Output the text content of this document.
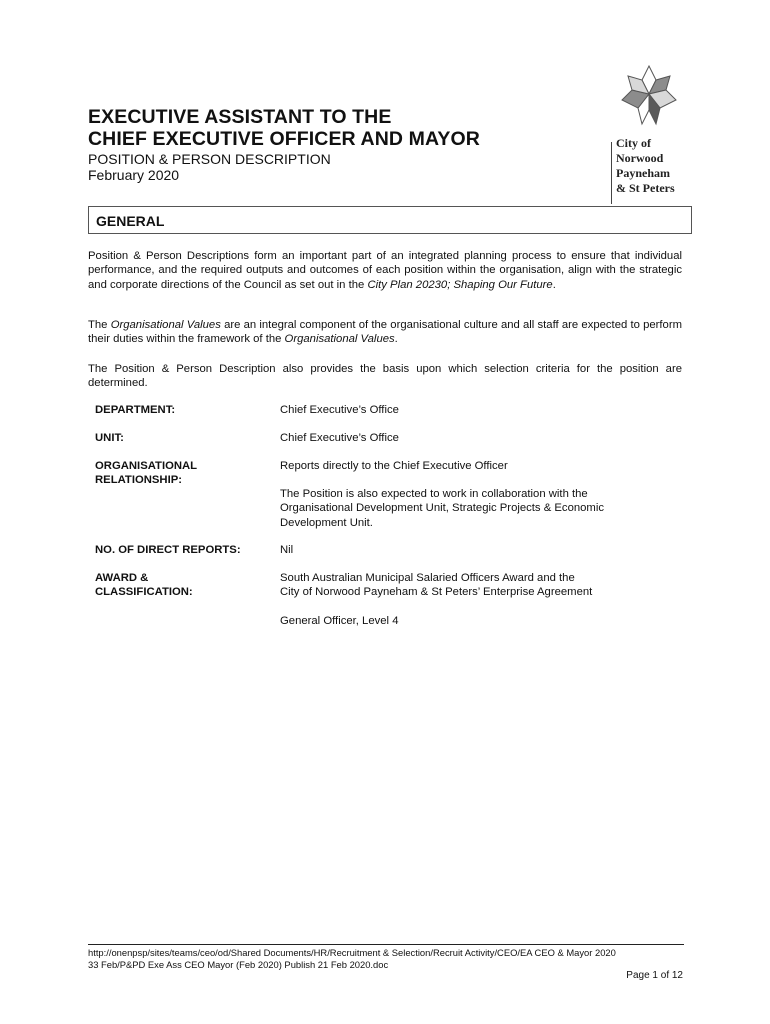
City of
Norwood
Payneham
& St Peters
EXECUTIVE ASSISTANT TO THE
CHIEF EXECUTIVE OFFICER AND MAYOR
POSITION & PERSON DESCRIPTION
February 2020
GENERAL

Position & Person Descriptions form an important part of an integrated planning process to ensure that individual performance, and the required outputs and outcomes of each position within the organisation, align with the strategic and corporate directions of the Council as set out in the City Plan 20230; Shaping Our Future.

The Organisational Values are an integral component of the organisational culture and all staff are expected to perform their duties within the framework of the Organisational Values.

The Position & Person Description also provides the basis upon which selection criteria for the position are determined.

DEPARTMENT:	Chief Executive’s Office

UNIT:	Chief Executive’s Office

ORGANISATIONAL
RELATIONSHIP:

Reports directly to the Chief Executive Officer

The Position is also expected to work in collaboration with the Organisational Development Unit, Strategic Projects & Economic Development Unit.

NO. OF DIRECT REPORTS:	Nil

AWARD &
CLASSIFICATION:
South Australian Municipal Salaried Officers Award and the
City of Norwood Payneham & St Peters’ Enterprise Agreement

General Officer, Level 4

http://onenpsp/sites/teams/ceo/od/Shared Documents/HR/Recruitment & Selection/Recruit Activity/CEO/EA CEO & Mayor 2020
33 Feb/P&PD Exe Ass CEO Mayor (Feb 2020) Publish 21 Feb 2020.doc
Page 1 of 12
